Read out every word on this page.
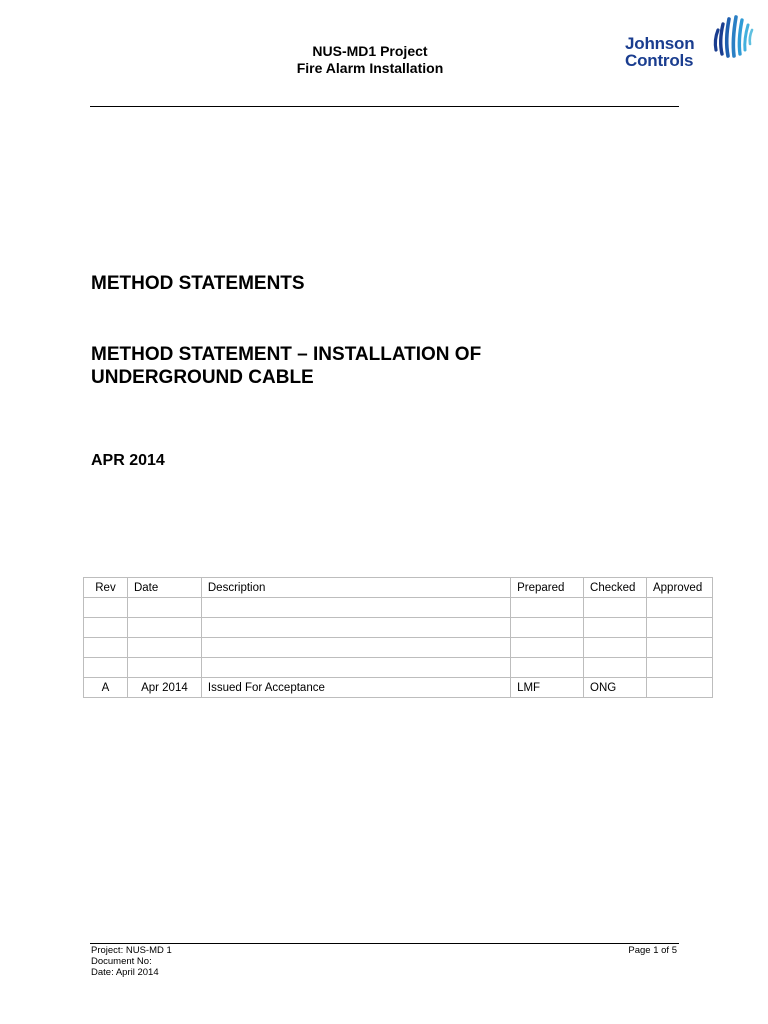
NUS-MD1 Project
Fire Alarm Installation
Johnson
Controls
METHOD STATEMENTS
METHOD STATEMENT – INSTALLATION OF
UNDERGROUND CABLE
APR 2014
Rev	Date	Description	Prepared	Checked	Approved

A	Apr 2014	Issued For Acceptance	LMF	ONG	
Project: NUS-MD 1
Document No:
Date: April 2014
Page 1 of 5
